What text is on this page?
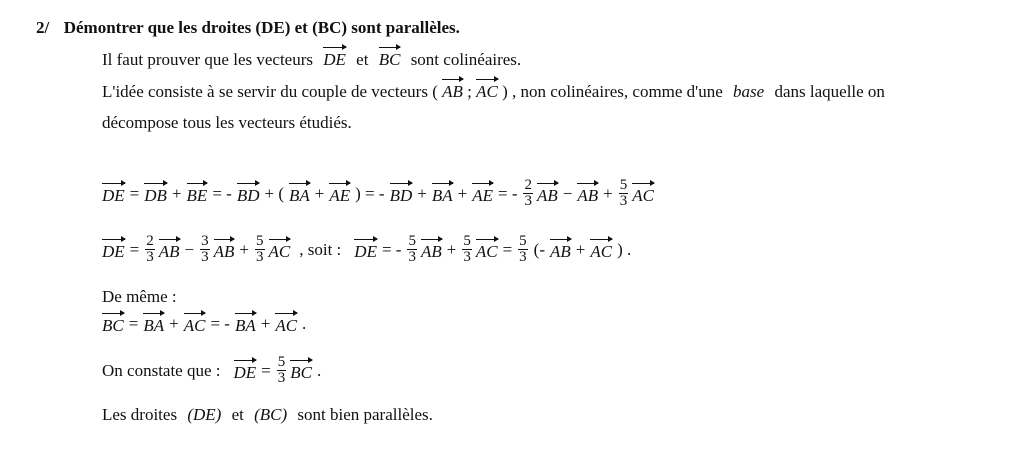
2/ Démontrer que les droites (DE) et (BC) sont parallèles.
Il faut prouver que les vecteurs DE et BC sont colinéaires.
L'idée consiste à se servir du couple de vecteurs ( AB ; AC ) , non colinéaires, comme d'une base dans laquelle on
décompose tous les vecteurs étudiés.
DE = DB + BE = - BD + ( BA + AE ) = - BD + BA + AE = - $\frac{2}{3}$ AB − AB + $\frac{5}{3}$ AC
DE = $\frac{2}{3}$ AB − $\frac{3}{3}$ AB + $\frac{5}{3}$ AC , soit : DE = - $\frac{5}{3}$ AB + $\frac{5}{3}$ AC = $\frac{5}{3}$ (- AB + AC ) .
De même :
BC = BA + AC = - BA + AC .
On constate que : DE = $\frac{5}{3}$ BC .
Les droites (DE) et (BC) sont bien parallèles.
